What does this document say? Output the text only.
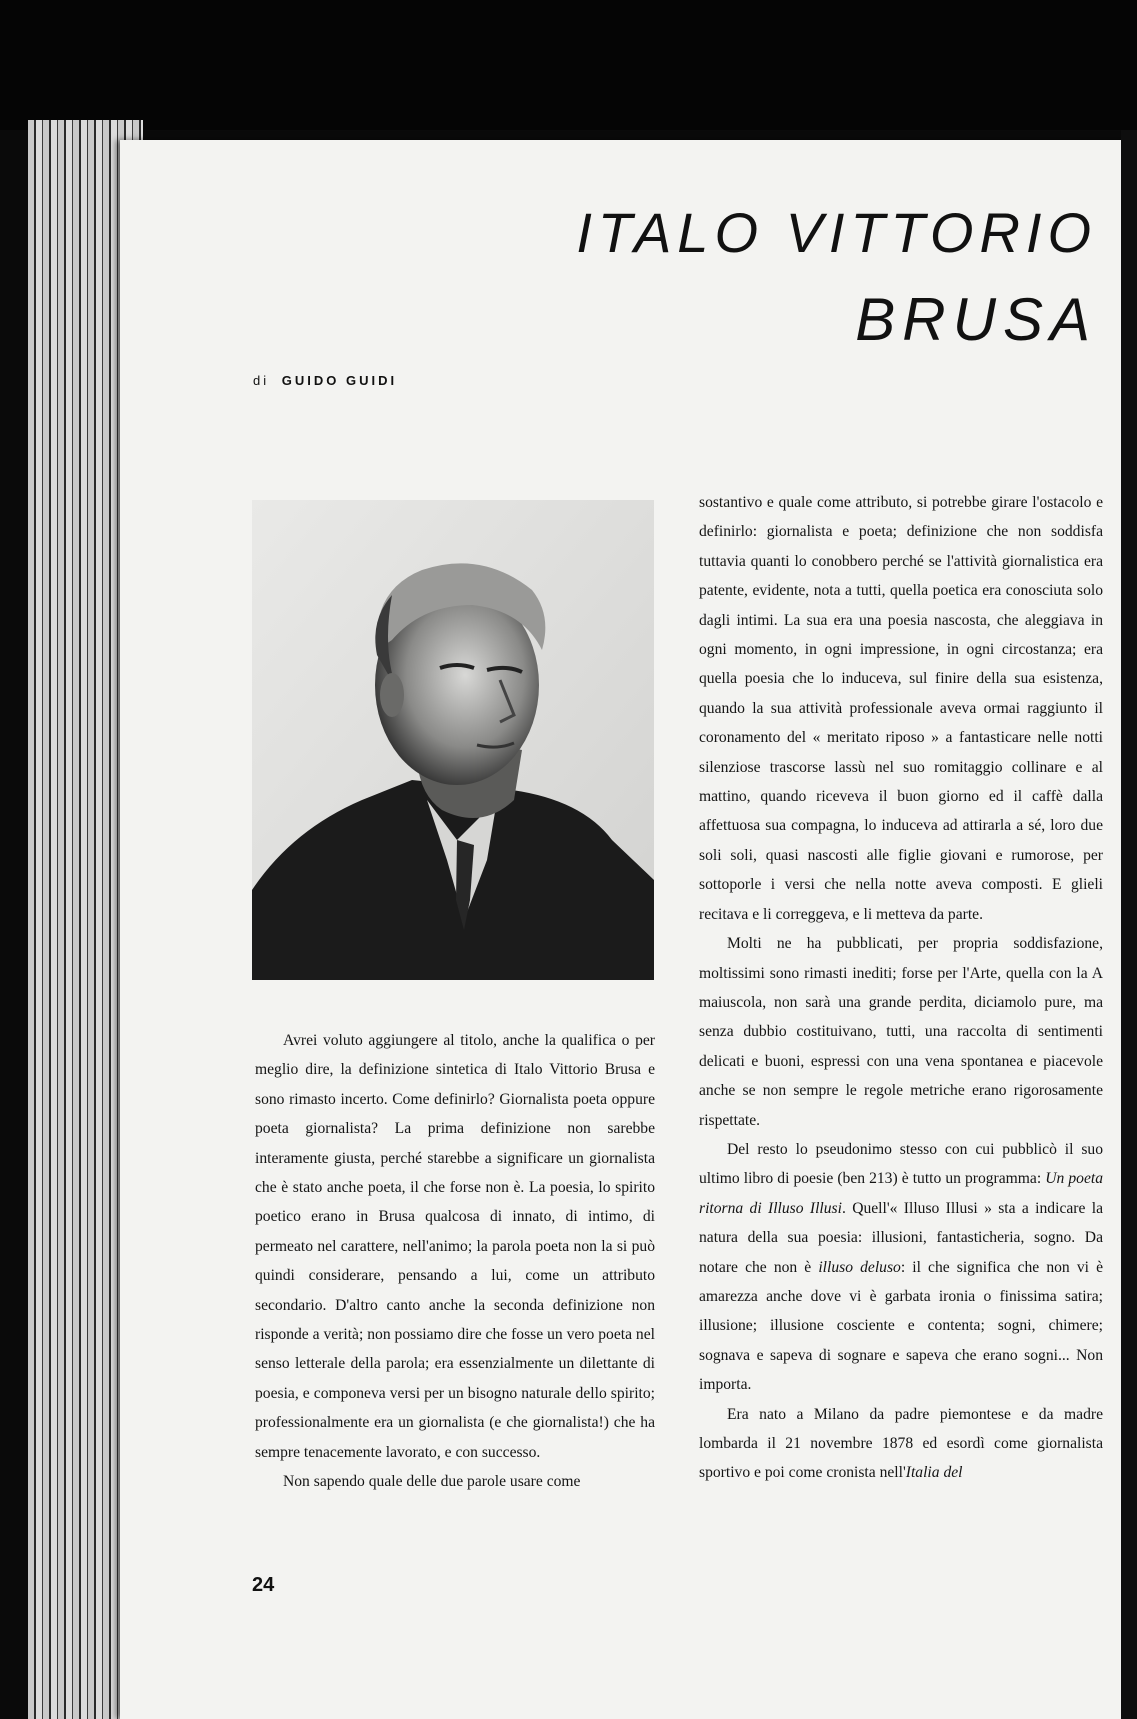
ITALO VITTORIO
BRUSA

di GUIDO GUIDI

Avrei voluto aggiungere al titolo, anche la qualifica o per meglio dire, la definizione sintetica di Italo Vittorio Brusa e sono rimasto incerto. Come definirlo? Giornalista poeta oppure poeta giornalista? La prima definizione non sarebbe interamente giusta, perché starebbe a significare un giornalista che è stato anche poeta, il che forse non è. La poesia, lo spirito poetico erano in Brusa qualcosa di innato, di intimo, di permeato nel carattere, nell'animo; la parola poeta non la si può quindi considerare, pensando a lui, come un attributo secondario. D'altro canto anche la seconda definizione non risponde a verità; non possiamo dire che fosse un vero poeta nel senso letterale della parola; era essenzialmente un dilettante di poesia, e componeva versi per un bisogno naturale dello spirito; professionalmente era un giornalista (e che giornalista!) che ha sempre tenacemente lavorato, e con successo.

Non sapendo quale delle due parole usare come

sostantivo e quale come attributo, si potrebbe girare l'ostacolo e definirlo: giornalista e poeta; definizione che non soddisfa tuttavia quanti lo conobbero perché se l'attività giornalistica era patente, evidente, nota a tutti, quella poetica era conosciuta solo dagli intimi. La sua era una poesia nascosta, che aleggiava in ogni momento, in ogni impressione, in ogni circostanza; era quella poesia che lo induceva, sul finire della sua esistenza, quando la sua attività professionale aveva ormai raggiunto il coronamento del « meritato riposo » a fantasticare nelle notti silenziose trascorse lassù nel suo romitaggio collinare e al mattino, quando riceveva il buon giorno ed il caffè dalla affettuosa sua compagna, lo induceva ad attirarla a sé, loro due soli soli, quasi nascosti alle figlie giovani e rumorose, per sottoporle i versi che nella notte aveva composti. E glieli recitava e li correggeva, e li metteva da parte.

Molti ne ha pubblicati, per propria soddisfazione, moltissimi sono rimasti inediti; forse per l'Arte, quella con la A maiuscola, non sarà una grande perdita, diciamolo pure, ma senza dubbio costituivano, tutti, una raccolta di sentimenti delicati e buoni, espressi con una vena spontanea e piacevole anche se non sempre le regole metriche erano rigorosamente rispettate.

Del resto lo pseudonimo stesso con cui pubblicò il suo ultimo libro di poesie (ben 213) è tutto un programma: Un poeta ritorna di Illuso Illusi. Quell'« Illuso Illusi » sta a indicare la natura della sua poesia: illusioni, fantasticheria, sogno. Da notare che non è illuso deluso: il che significa che non vi è amarezza anche dove vi è garbata ironia o finissima satira; illusione; illusione cosciente e contenta; sogni, chimere; sognava e sapeva di sognare e sapeva che erano sogni... Non importa.

Era nato a Milano da padre piemontese e da madre lombarda il 21 novembre 1878 ed esordì come giornalista sportivo e poi come cronista nell'Italia del

24
